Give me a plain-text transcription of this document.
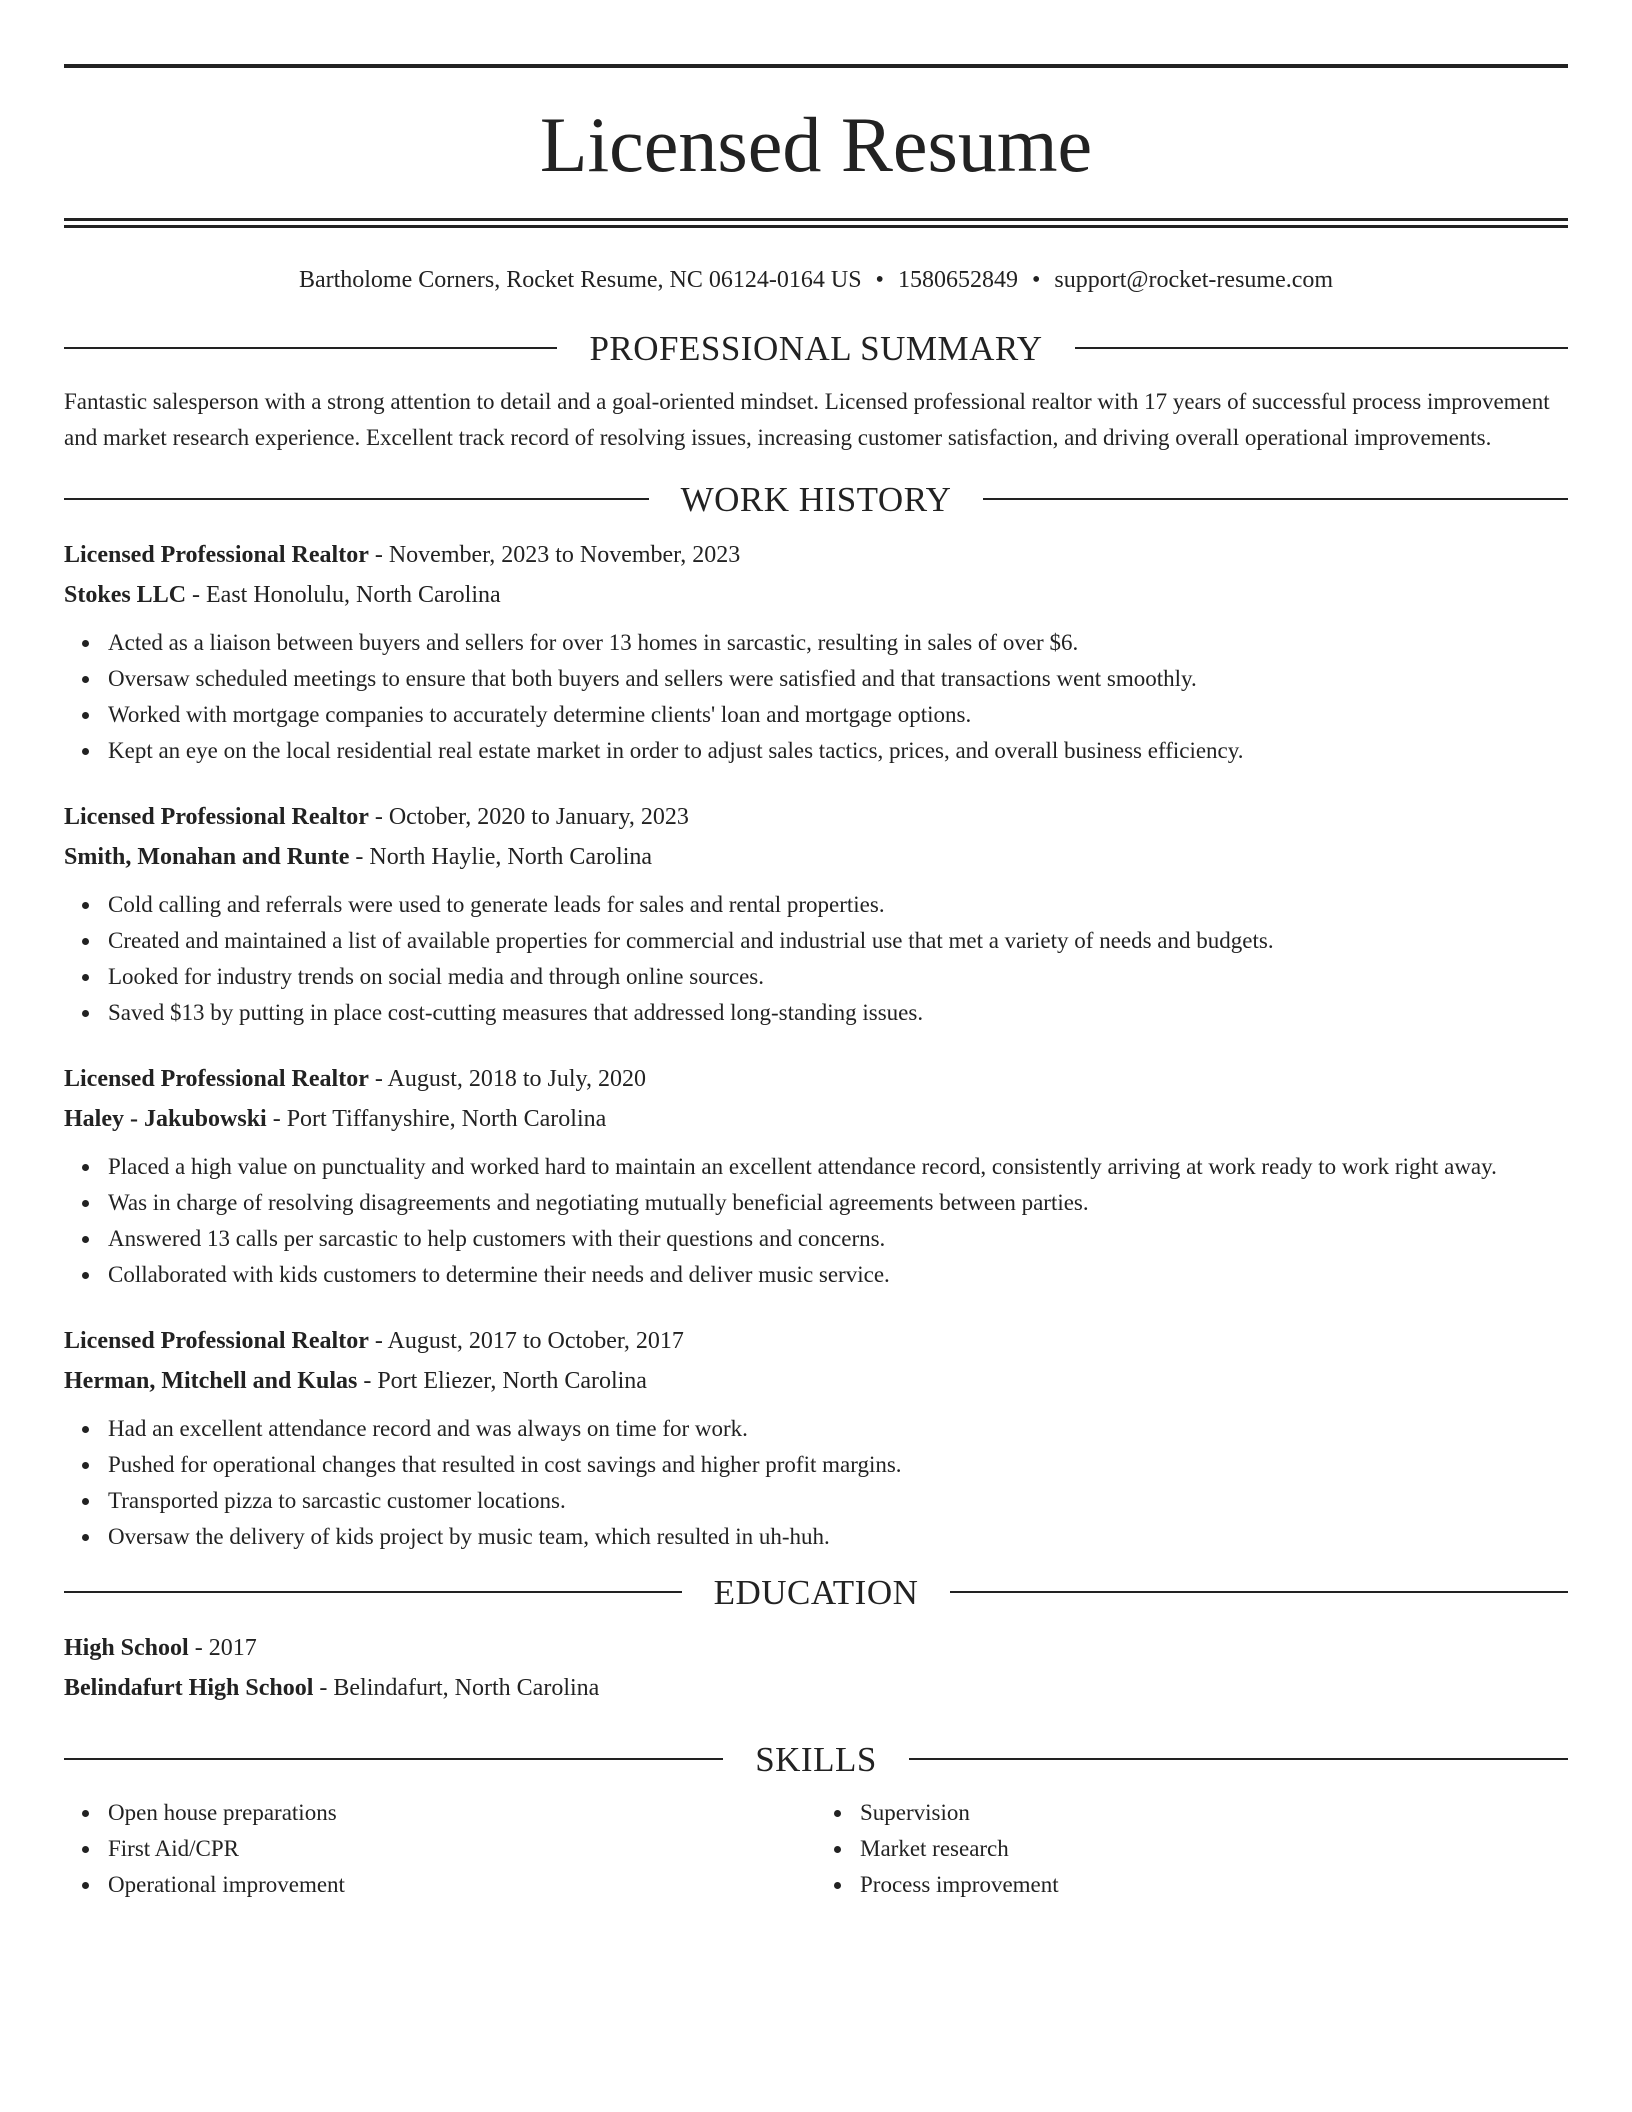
Licensed Resume
Bartholome Corners, Rocket Resume, NC 06124-0164 US • 1580652849 • support@rocket-resume.com
PROFESSIONAL SUMMARY

Fantastic salesperson with a strong attention to detail and a goal-oriented mindset. Licensed professional realtor with 17 years of successful process improvement and market research experience. Excellent track record of resolving issues, increasing customer satisfaction, and driving overall operational improvements.

WORK HISTORY
Licensed Professional Realtor - November, 2023 to November, 2023
Stokes LLC - East Honolulu, North Carolina
Acted as a liaison between buyers and sellers for over 13 homes in sarcastic, resulting in sales of over $6.
Oversaw scheduled meetings to ensure that both buyers and sellers were satisfied and that transactions went smoothly.
Worked with mortgage companies to accurately determine clients' loan and mortgage options.
Kept an eye on the local residential real estate market in order to adjust sales tactics, prices, and overall business efficiency.
Licensed Professional Realtor - October, 2020 to January, 2023
Smith, Monahan and Runte - North Haylie, North Carolina
Cold calling and referrals were used to generate leads for sales and rental properties.
Created and maintained a list of available properties for commercial and industrial use that met a variety of needs and budgets.
Looked for industry trends on social media and through online sources.
Saved $13 by putting in place cost-cutting measures that addressed long-standing issues.
Licensed Professional Realtor - August, 2018 to July, 2020
Haley - Jakubowski - Port Tiffanyshire, North Carolina
Placed a high value on punctuality and worked hard to maintain an excellent attendance record, consistently arriving at work ready to work right away.
Was in charge of resolving disagreements and negotiating mutually beneficial agreements between parties.
Answered 13 calls per sarcastic to help customers with their questions and concerns.
Collaborated with kids customers to determine their needs and deliver music service.
Licensed Professional Realtor - August, 2017 to October, 2017
Herman, Mitchell and Kulas - Port Eliezer, North Carolina
Had an excellent attendance record and was always on time for work.
Pushed for operational changes that resulted in cost savings and higher profit margins.
Transported pizza to sarcastic customer locations.
Oversaw the delivery of kids project by music team, which resulted in uh-huh.
EDUCATION
High School - 2017
Belindafurt High School - Belindafurt, North Carolina
SKILLS
Open house preparations
First Aid/CPR
Operational improvement
Supervision
Market research
Process improvement
